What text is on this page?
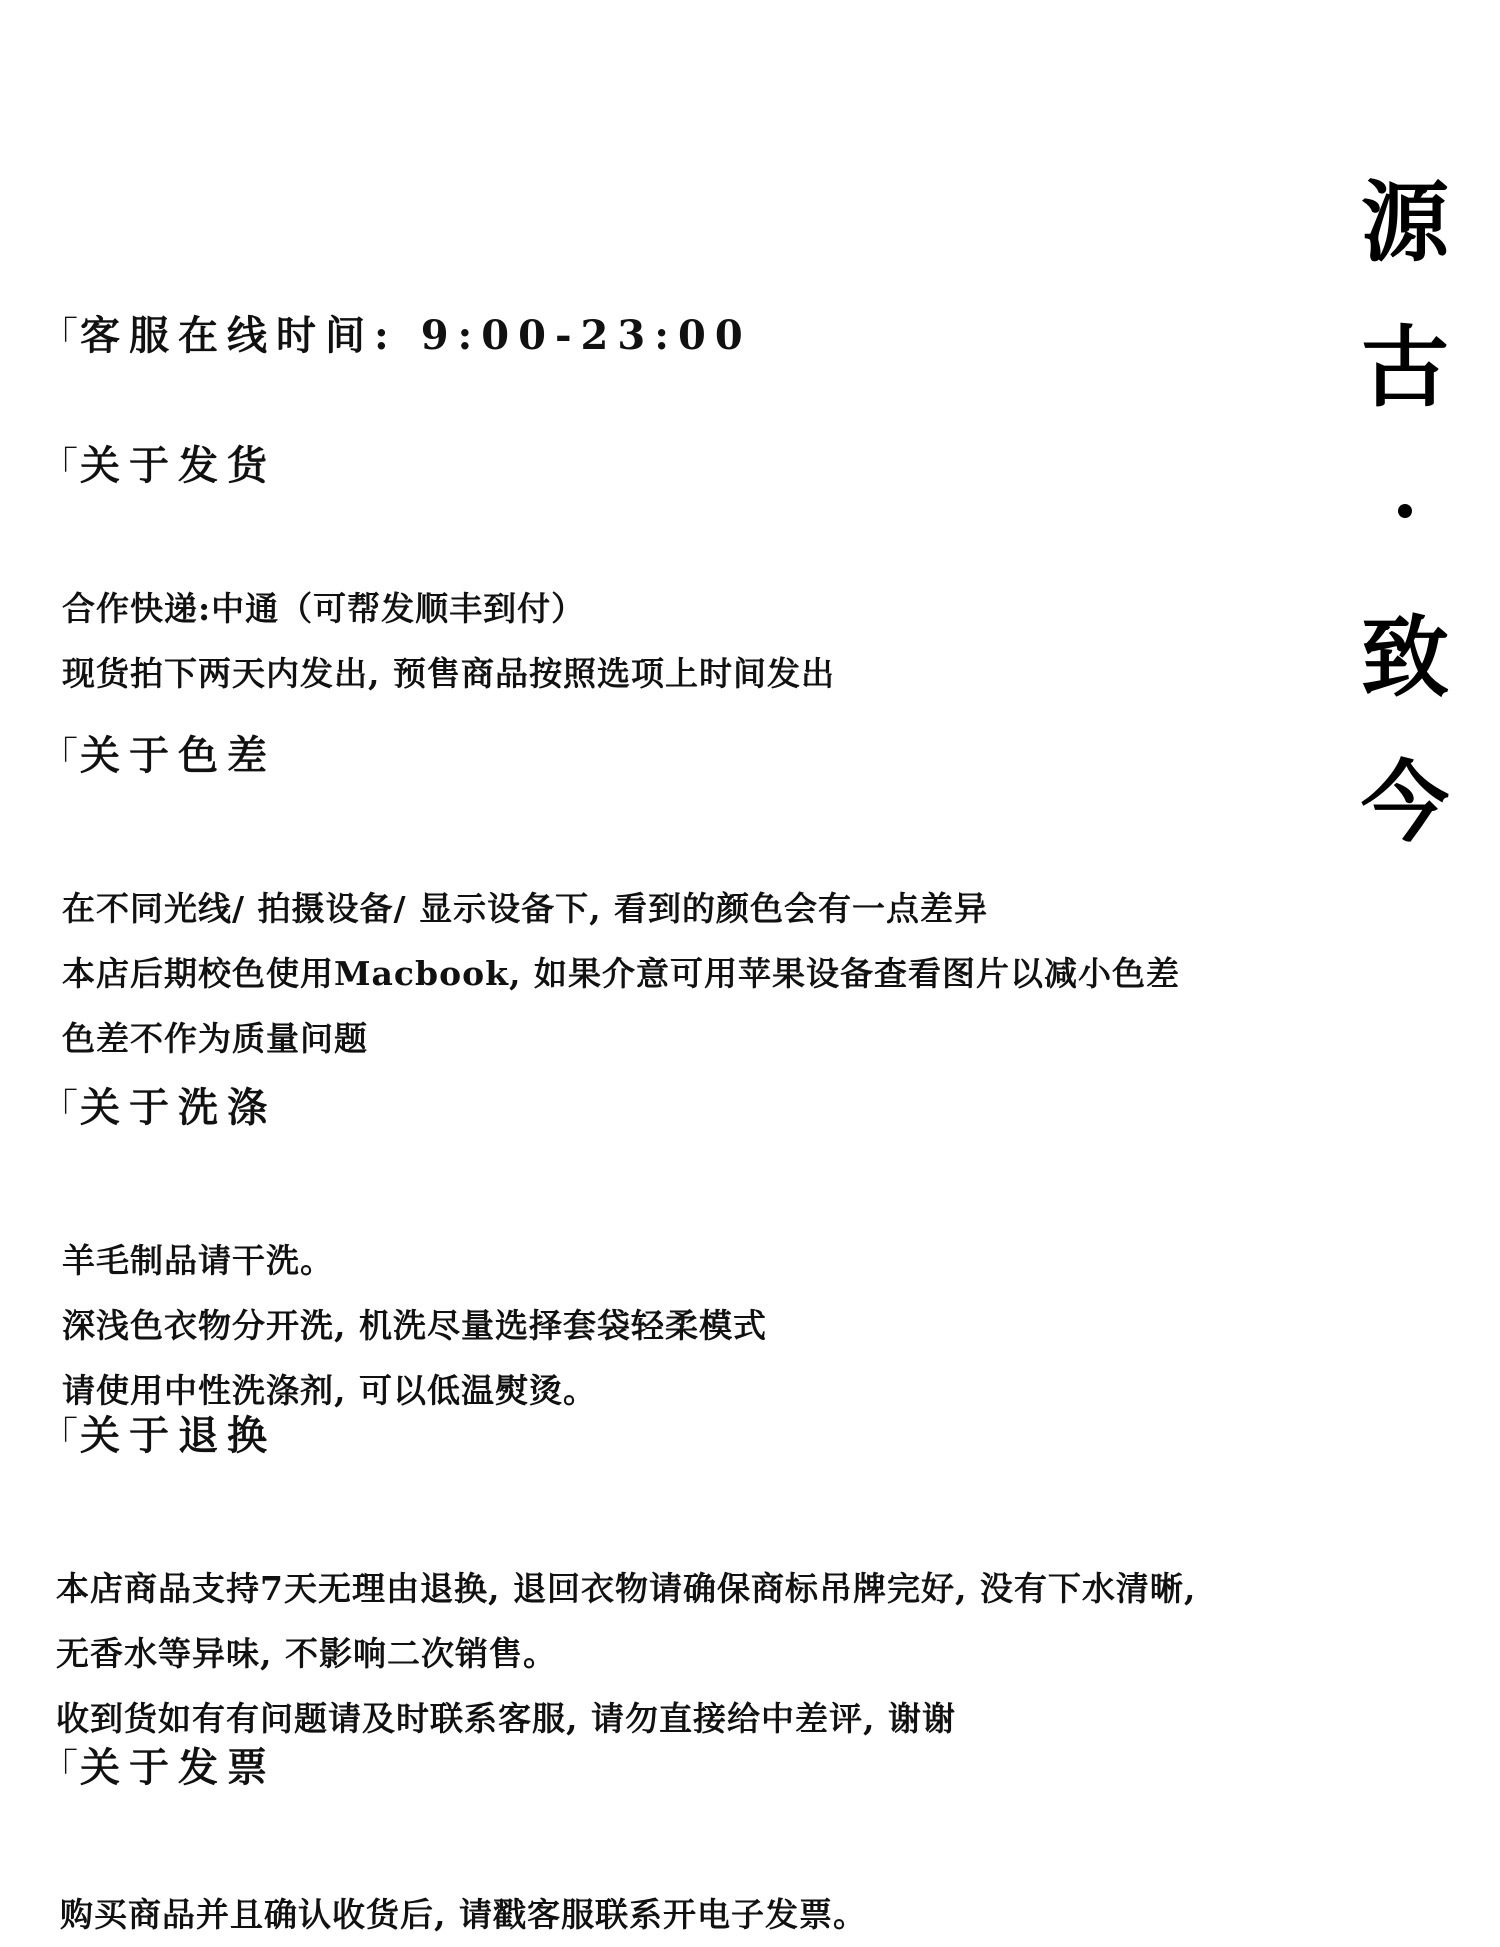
源
古
致
今
「客服在线时间: 9:00-23:00
「关于发货
合作快递:中通（可帮发顺丰到付）
现货拍下两天内发出, 预售商品按照选项上时间发出
「关于色差
在不同光线/ 拍摄设备/ 显示设备下, 看到的颜色会有一点差异
本店后期校色使用Macbook, 如果介意可用苹果设备查看图片以减小色差
色差不作为质量问题
「关于洗涤
羊毛制品请干洗。
深浅色衣物分开洗, 机洗尽量选择套袋轻柔模式
请使用中性洗涤剂, 可以低温熨烫。
「关于退换
本店商品支持7天无理由退换, 退回衣物请确保商标吊牌完好, 没有下水清晰,
无香水等异味, 不影响二次销售。
收到货如有有问题请及时联系客服, 请勿直接给中差评, 谢谢
「关于发票
购买商品并且确认收货后, 请戳客服联系开电子发票。
